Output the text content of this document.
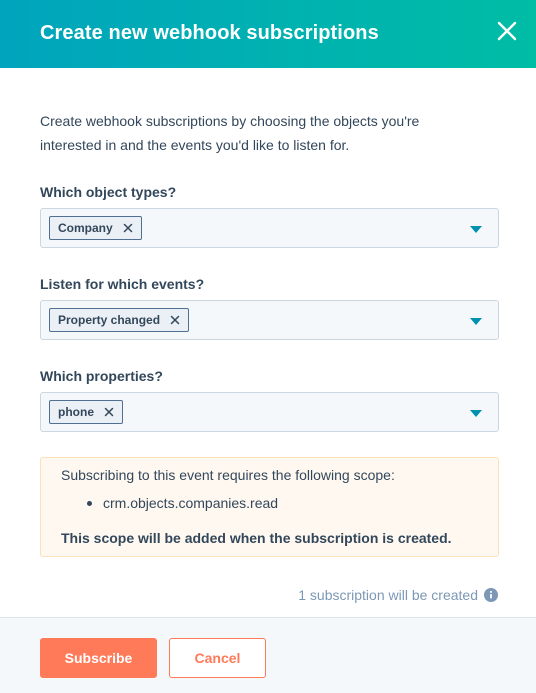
Create new webhook subscriptions
Create webhook subscriptions by choosing the objects you're interested in and the events you'd like to listen for.
Which object types?
Company
Listen for which events?
Property changed
Which properties?
phone
Subscribing to this event requires the following scope:
crm.objects.companies.read
This scope will be added when the subscription is created.
1 subscription will be created
Subscribe	Cancel
